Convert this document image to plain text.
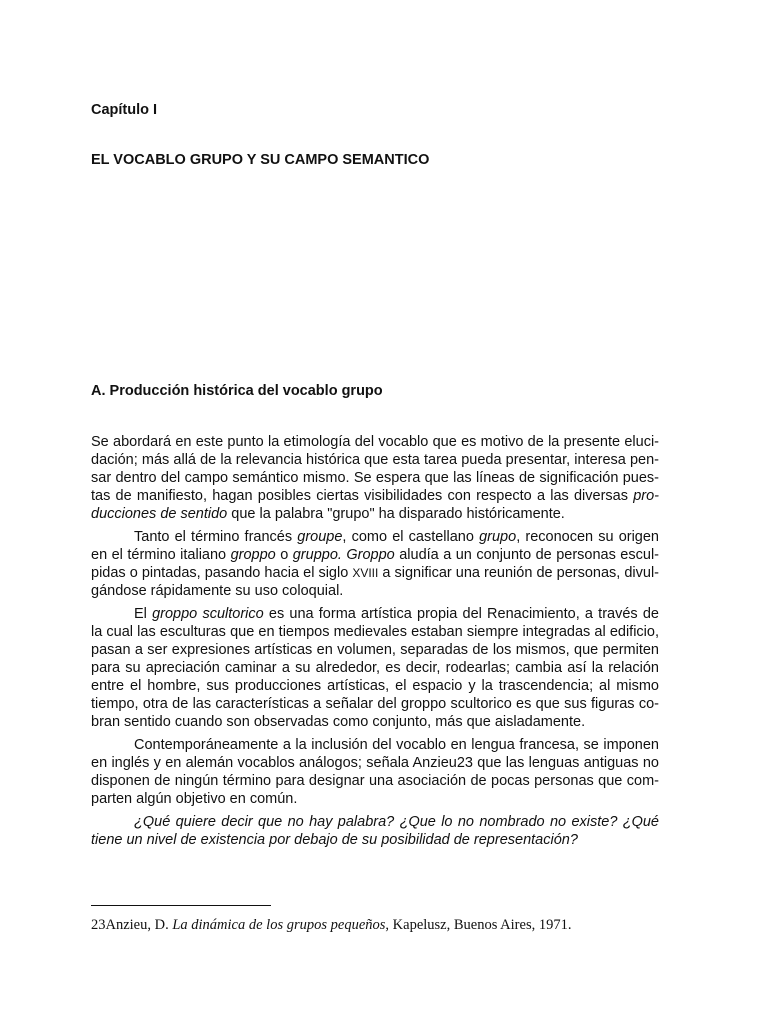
Capítulo I
EL VOCABLO GRUPO Y SU CAMPO SEMANTICO
A. Producción histórica del vocablo grupo

Se abordará en este punto la etimología del vocablo que es motivo de la presente eluci-dación; más allá de la relevancia histórica que esta tarea pueda presentar, interesa pen-sar dentro del campo semántico mismo. Se espera que las líneas de significación pues-tas de manifiesto, hagan posibles ciertas visibilidades con respecto a las diversas pro-ducciones de sentido que la palabra "grupo" ha disparado históricamente.

Tanto el término francés groupe, como el castellano grupo, reconocen su origen en el término italiano groppo o gruppo. Groppo aludía a un conjunto de personas escul-pidas o pintadas, pasando hacia el siglo XVIII a significar una reunión de personas, divul-gándose rápidamente su uso coloquial.

El groppo scultorico es una forma artística propia del Renacimiento, a través de la cual las esculturas que en tiempos medievales estaban siempre integradas al edificio, pasan a ser expresiones artísticas en volumen, separadas de los mismos, que permiten para su apreciación caminar a su alrededor, es decir, rodearlas; cambia así la relación entre el hombre, sus producciones artísticas, el espacio y la trascendencia; al mismo tiempo, otra de las características a señalar del groppo scultorico es que sus figuras co-bran sentido cuando son observadas como conjunto, más que aisladamente.

Contemporáneamente a la inclusión del vocablo en lengua francesa, se imponen en inglés y en alemán vocablos análogos; señala Anzieu23 que las lenguas antiguas no disponen de ningún término para designar una asociación de pocas personas que com-parten algún objetivo en común.

¿Qué quiere decir que no hay palabra? ¿Que lo no nombrado no existe? ¿Qué tiene un nivel de existencia por debajo de su posibilidad de representación?

23Anzieu, D. La dinámica de los grupos pequeños, Kapelusz, Buenos Aires, 1971.
